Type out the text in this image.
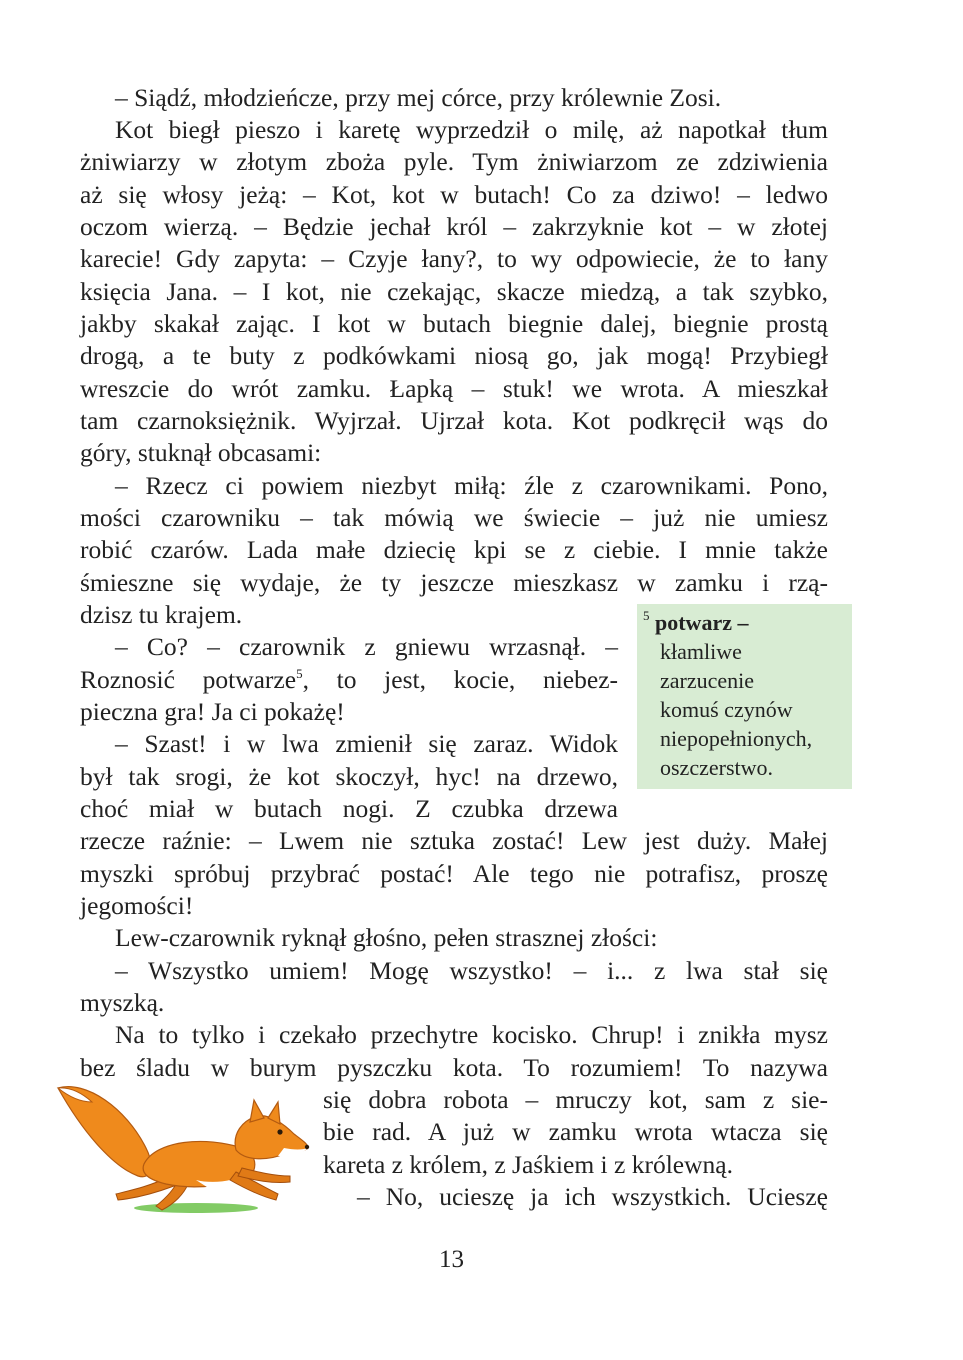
– Siądź, młodzieńcze, przy mej córce, przy królewnie Zosi.
Kot biegł pieszo i karetę wyprzedził o milę, aż napotkał tłum
żniwiarzy w złotym zboża pyle. Tym żniwiarzom ze zdziwienia
aż się włosy jeżą: – Kot, kot w butach! Co za dziwo! – ledwo
oczom wierzą. – Będzie jechał król – zakrzyknie kot – w złotej
karecie! Gdy zapyta: – Czyje łany?, to wy odpowiecie, że to łany
księcia Jana. – I kot, nie czekając, skacze miedzą, a tak szybko,
jakby skakał zając. I kot w butach biegnie dalej, biegnie prostą
drogą, a te buty z podkówkami niosą go, jak mogą! Przybiegł
wreszcie do wrót zamku. Łapką – stuk! we wrota. A mieszkał
tam czarnoksiężnik. Wyjrzał. Ujrzał kota. Kot podkręcił wąs do
góry, stuknął obcasami:
– Rzecz ci powiem niezbyt miłą: źle z czarownikami. Pono,
mości czarowniku – tak mówią we świecie – już nie umiesz
robić czarów. Lada małe dziecię kpi se z ciebie. I mnie także
śmieszne się wydaje, że ty jeszcze mieszkasz w zamku i rzą-
dzisz tu krajem.
– Co? – czarownik z gniewu wrzasnął. –
Roznosić potwarze$^5$, to jest, kocie, niebez-
pieczna gra! Ja ci pokażę!
– Szast! i w lwa zmienił się zaraz. Widok
był tak srogi, że kot skoczył, hyc! na drzewo,
choć miał w butach nogi. Z czubka drzewa
rzecze raźnie: – Lwem nie sztuka zostać! Lew jest duży. Małej
myszki spróbuj przybrać postać! Ale tego nie potrafisz, proszę
jegomości!
Lew-czarownik ryknął głośno, pełen strasznej złości:
– Wszystko umiem! Mogę wszystko! – i... z lwa stał się
myszką.
Na to tylko i czekało przechytre kocisko. Chrup! i znikła mysz
bez śladu w burym pyszczku kota. To rozumiem! To nazywa
się dobra robota – mruczy kot, sam z sie-
bie rad. A już w zamku wrota wtacza się
kareta z królem, z Jaśkiem i z królewną.
– No, ucieszę ja ich wszystkich. Ucieszę
$^5$ potwarz –
kłamliwe
zarzucenie
komuś czynów
niepopełnionych,
oszczerstwo.
13
